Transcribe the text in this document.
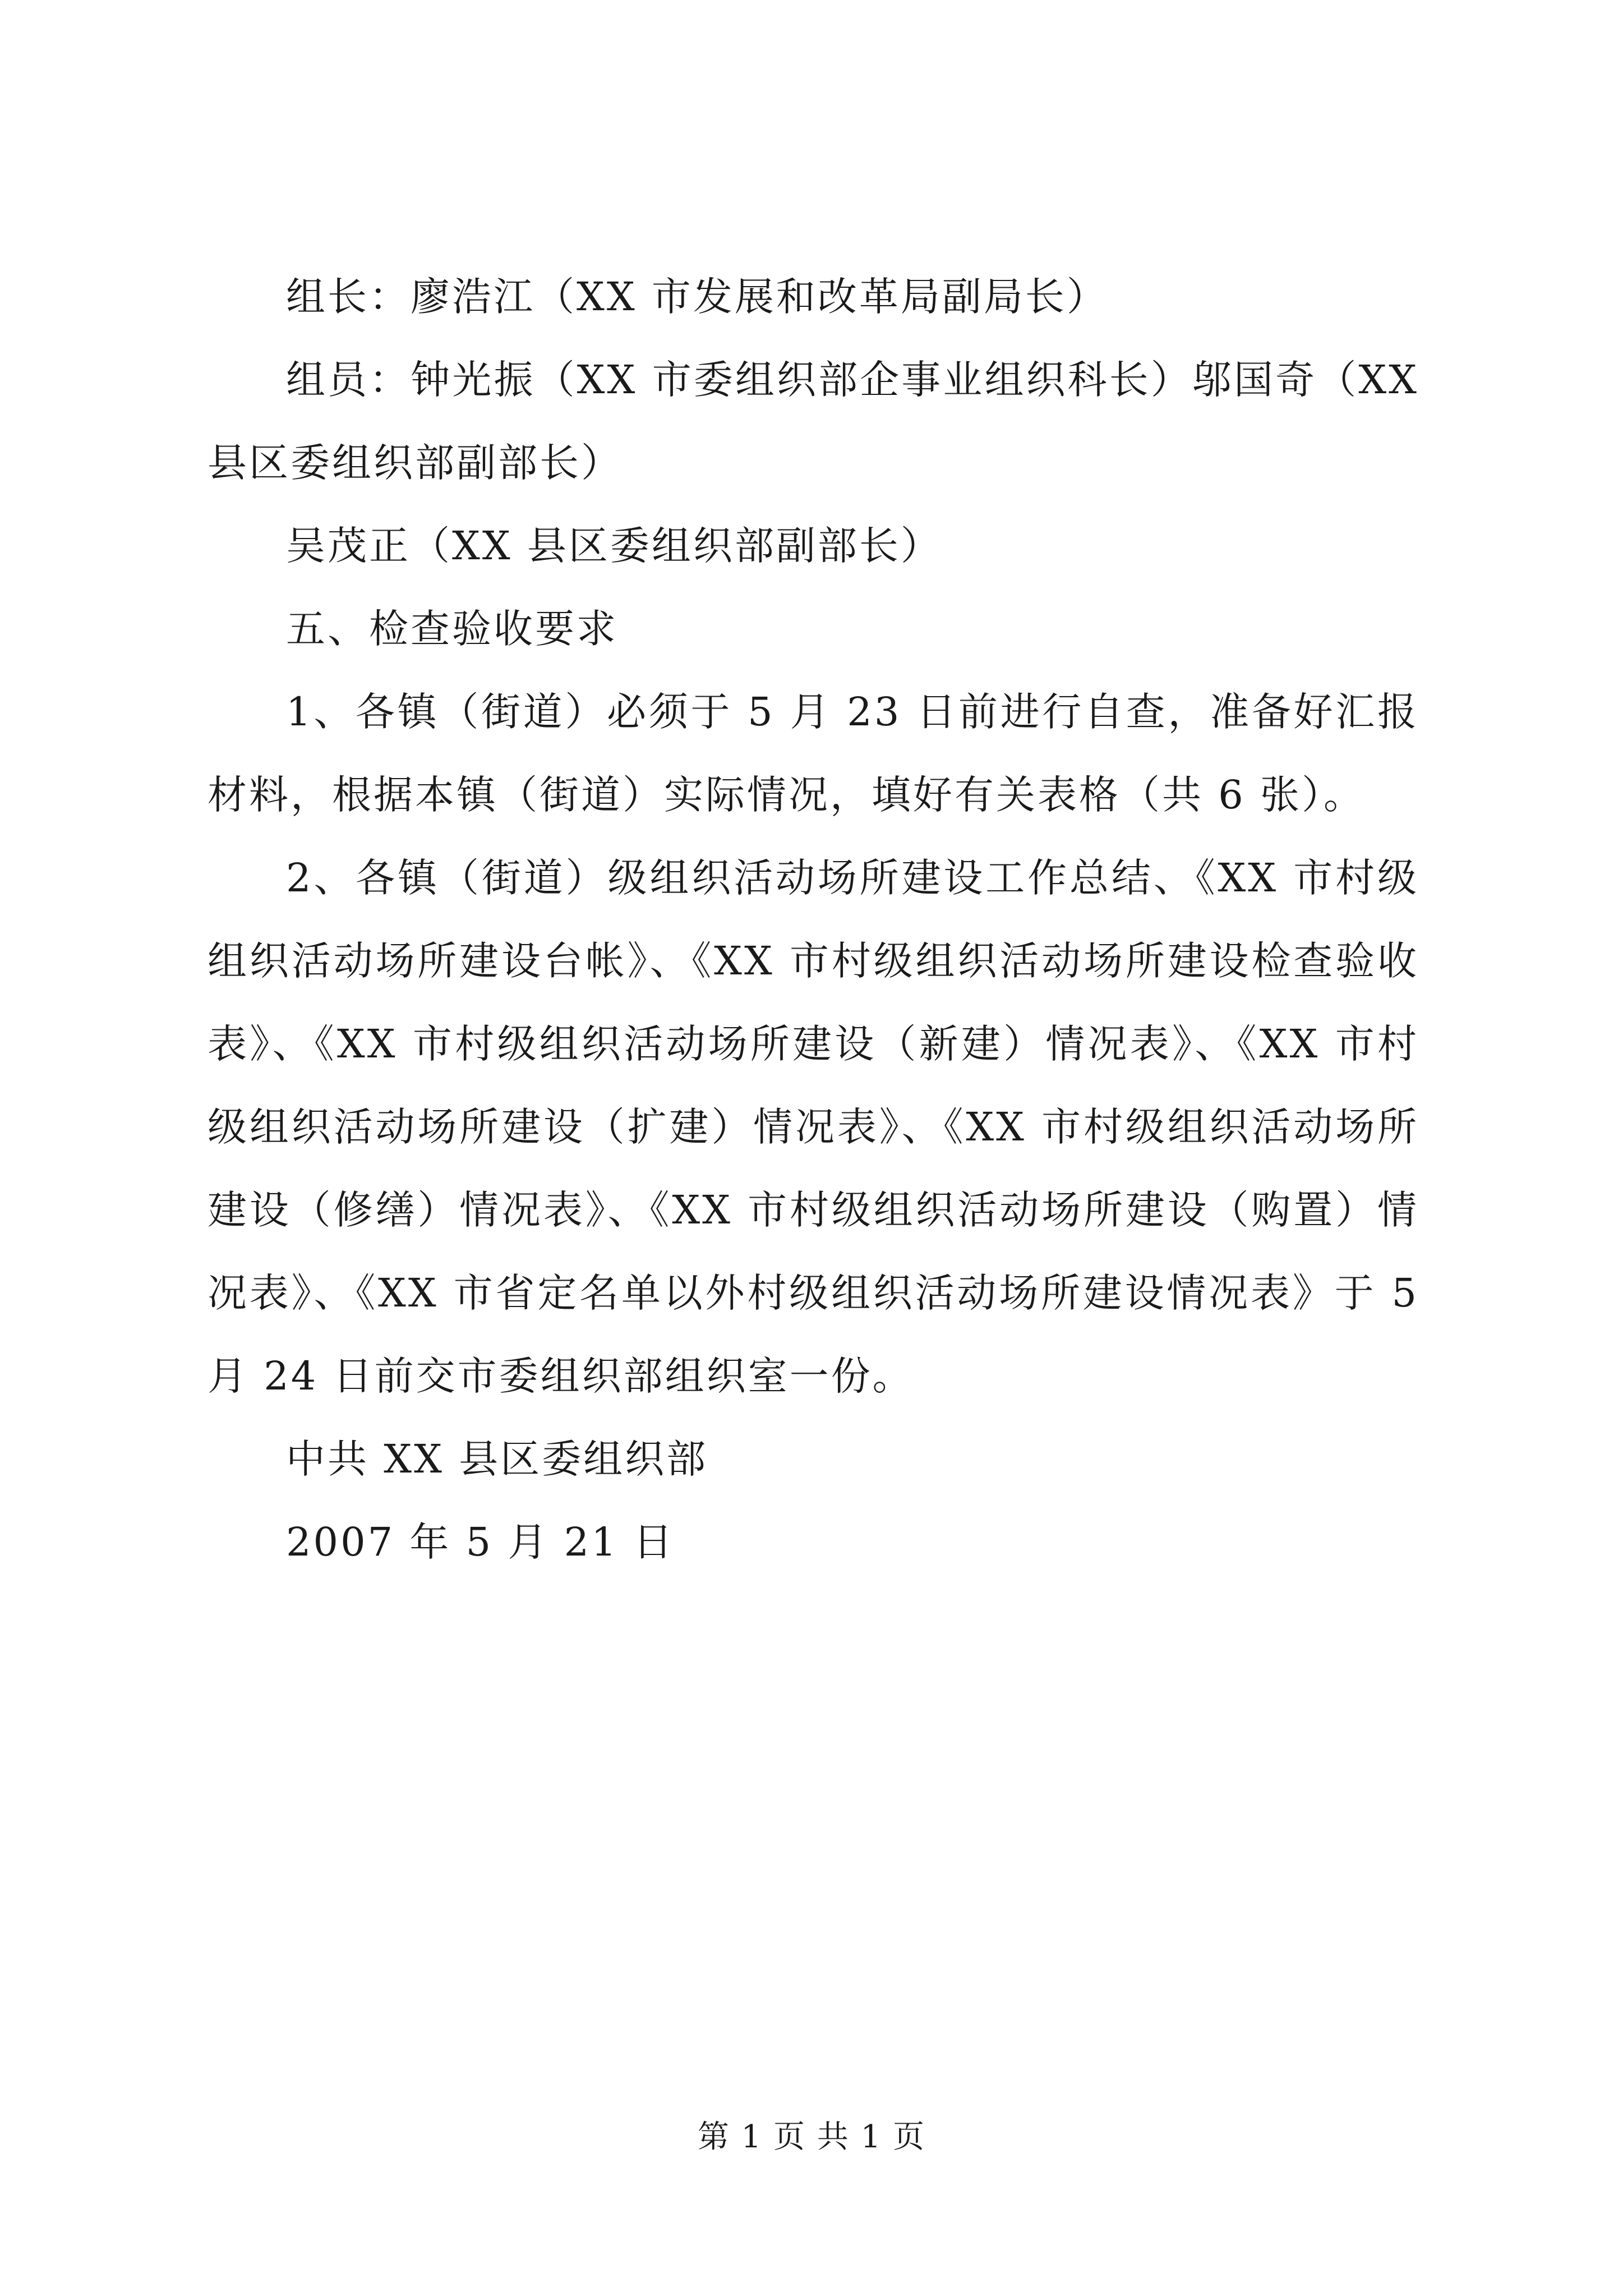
组长：廖浩江（XX 市发展和改革局副局长）

组员：钟光振（XX 市委组织部企事业组织科长）邬国奇（XX 县区委组织部副部长）

吴茂正（XX 县区委组织部副部长）

五、检查验收要求

1、各镇（街道）必须于 5 月 23 日前进行自查，准备好汇报材料，根据本镇（街道）实际情况，填好有关表格（共 6 张）。

2、各镇（街道）级组织活动场所建设工作总结、《XX 市村级组织活动场所建设台帐》、《XX 市村级组织活动场所建设检查验收表》、《XX 市村级组织活动场所建设（新建）情况表》、《XX 市村级组织活动场所建设（扩建）情况表》、《XX 市村级组织活动场所建设（修缮）情况表》、《XX 市村级组织活动场所建设（购置）情况表》、《XX 市省定名单以外村级组织活动场所建设情况表》于 5 月 24 日前交市委组织部组织室一份。

中共 XX 县区委组织部

2007 年 5 月 21 日

第 1 页 共 1 页
